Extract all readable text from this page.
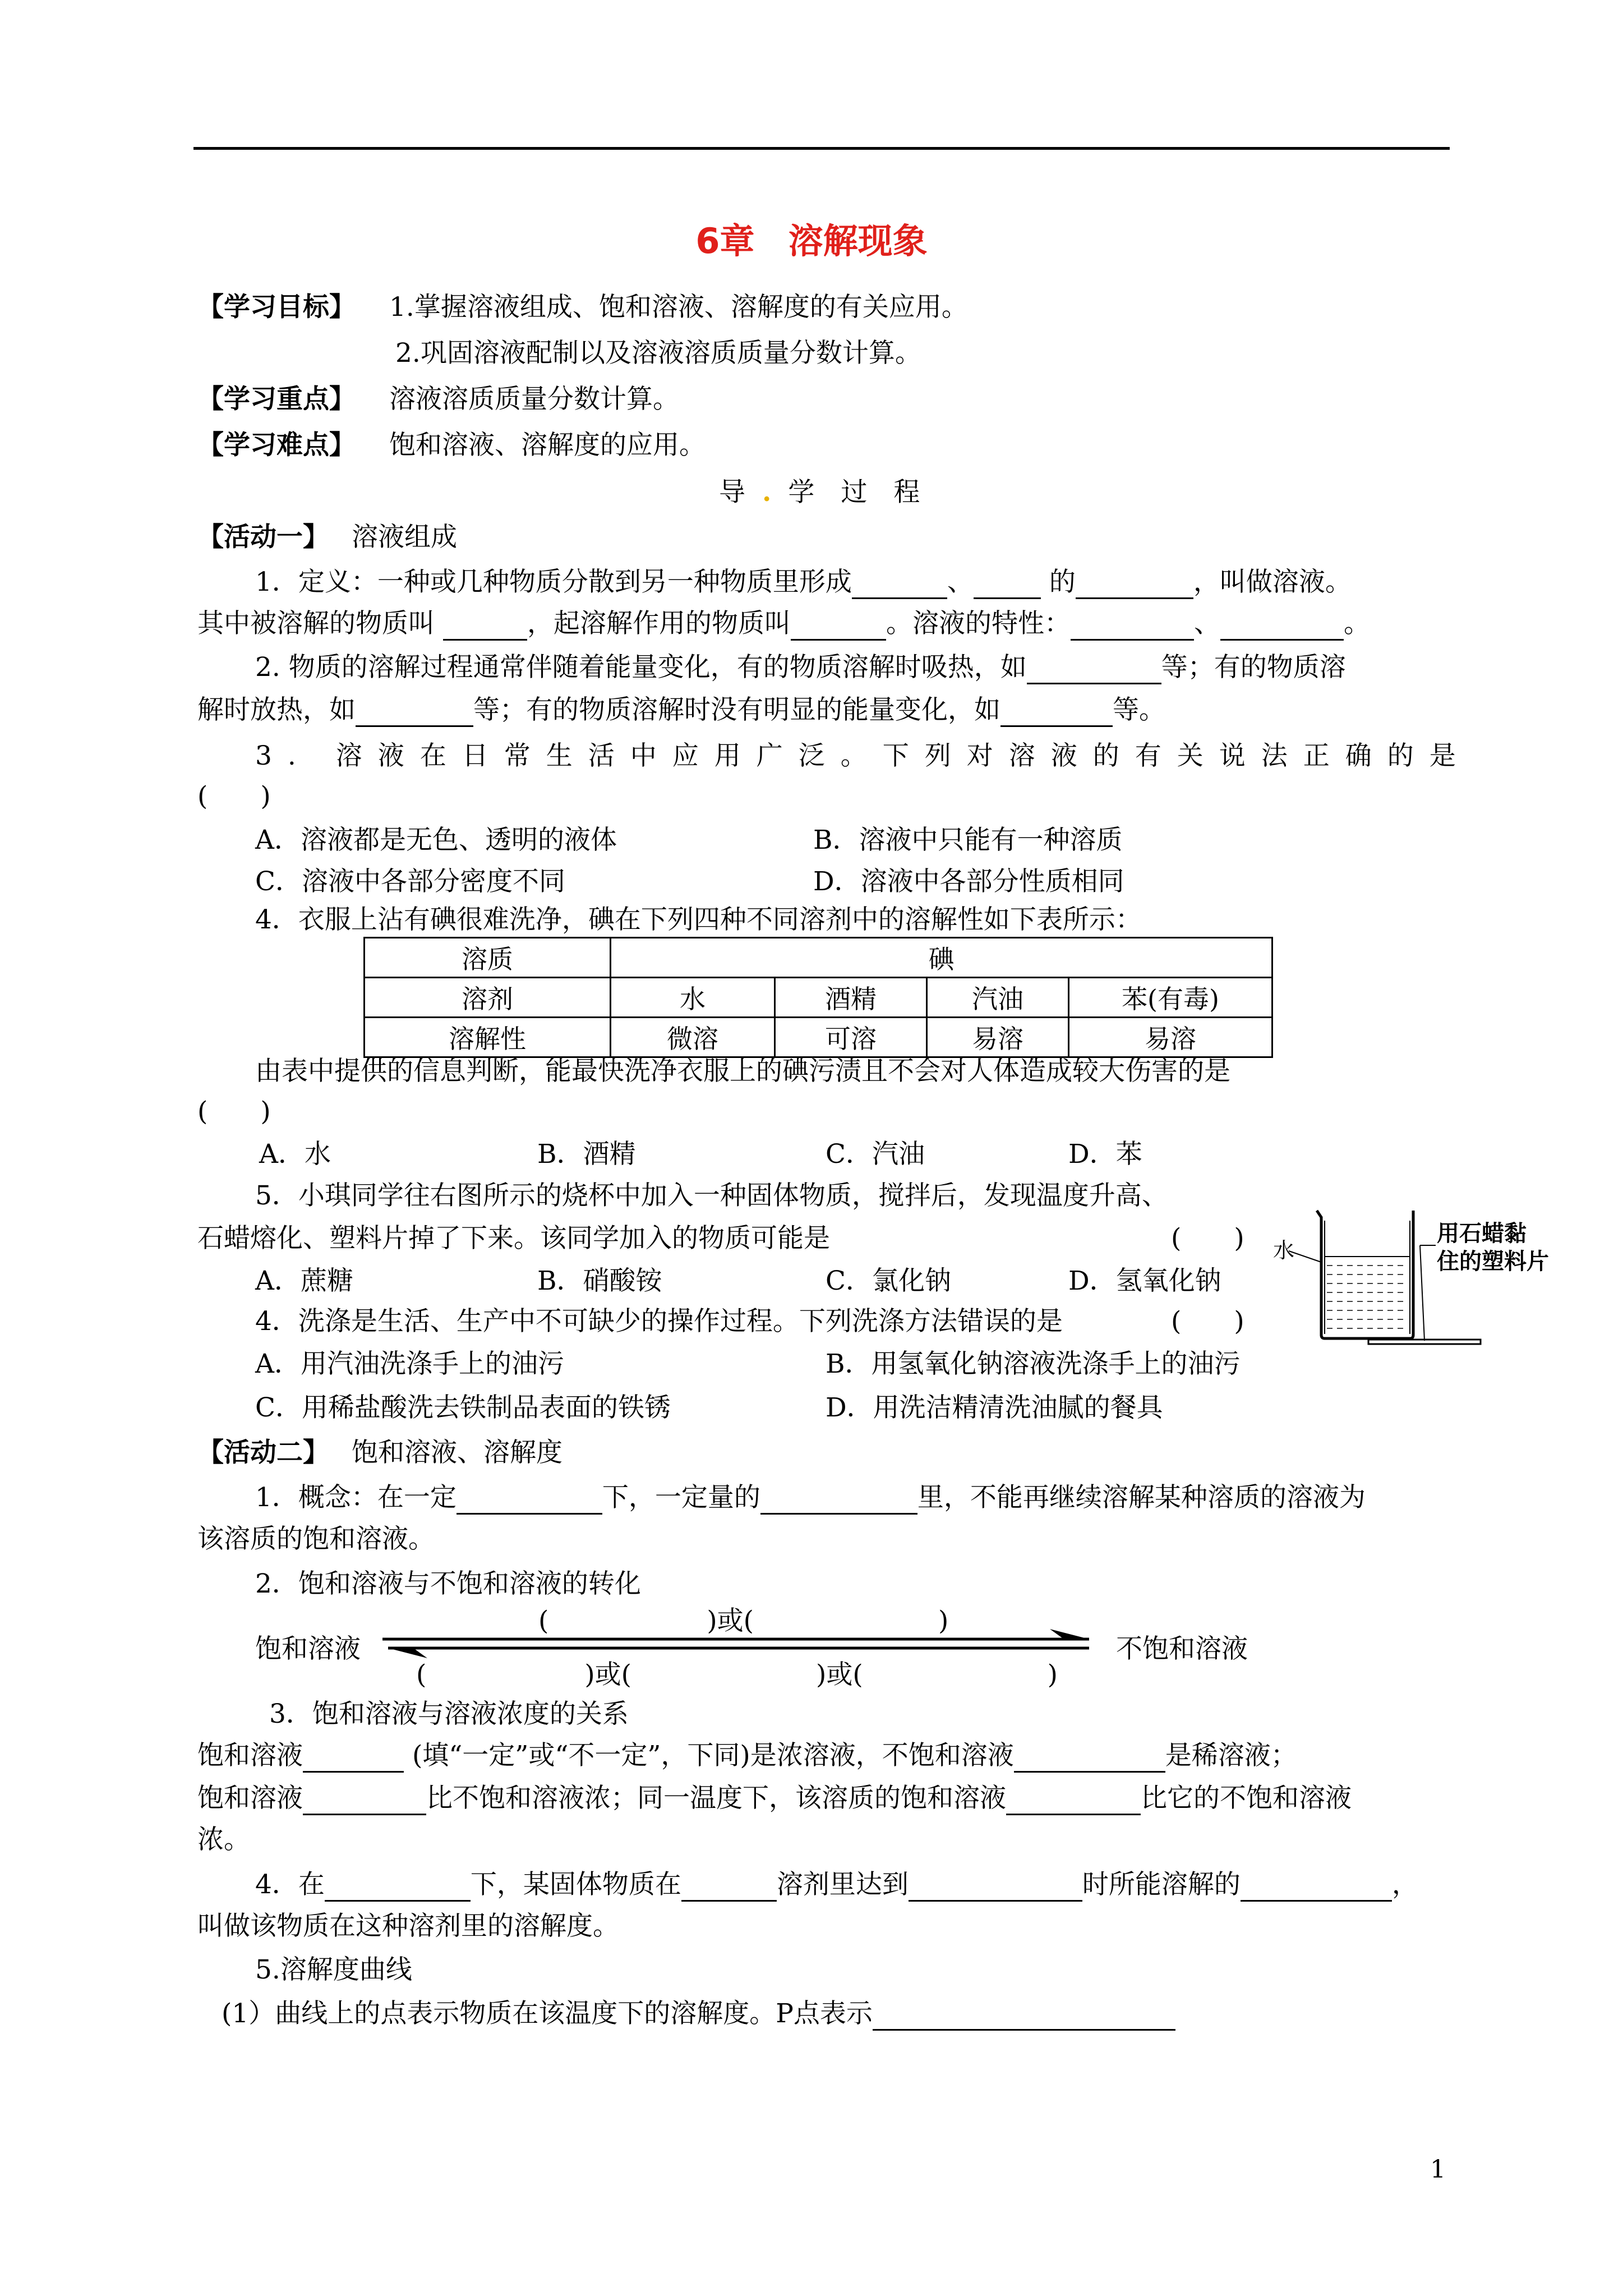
6章 溶解现象
【学习目标】 1.掌握溶液组成、饱和溶液、溶解度的有关应用。
2.巩固溶液配制以及溶液溶质质量分数计算。
【学习重点】 溶液溶质质量分数计算。
【学习难点】 饱和溶液、溶解度的应用。
导 . 学　过　程
【活动一】 溶液组成
1．定义：一种或几种物质分散到另一种物质里形成	、	的	，叫做溶液。
其中被溶解的物质叫	，起溶解作用的物质叫	。溶液的特性：	、	。
2. 物质的溶解过程通常伴随着能量变化，有的物质溶解时吸热，如	等；有的物质溶
解时放热，如	等；有的物质溶解时没有明显的能量变化，如	等。
3. 溶液在日常生活中应用广泛。下列对溶液的有关说法正确的是
(　　)
A．溶液都是无色、透明的液体	B．溶液中只能有一种溶质
C．溶液中各部分密度不同	D．溶液中各部分性质相同
4．衣服上沾有碘很难洗净，碘在下列四种不同溶剂中的溶解性如下表所示：
溶质	碘			
溶剂	水	酒精	汽油	苯(有毒)
溶解性	微溶	可溶	易溶	易溶
由表中提供的信息判断，能最快洗净衣服上的碘污渍且不会对人体造成较大伤害的是
(　　)
A．水	B．酒精	C．汽油	D．苯
5．小琪同学往右图所示的烧杯中加入一种固体物质，搅拌后，发现温度升高、
石蜡熔化、塑料片掉了下来。该同学加入的物质可能是	(　　)
A．蔗糖	B．硝酸铵	C．氯化钠	D．氢氧化钠
水
用石蜡黏
住的塑料片
4．洗涤是生活、生产中不可缺少的操作过程。下列洗涤方法错误的是	(　　)
A．用汽油洗涤手上的油污	B．用氢氧化钠溶液洗涤手上的油污
C．用稀盐酸洗去铁制品表面的铁锈	D．用洗洁精清洗油腻的餐具
【活动二】 饱和溶液、溶解度
1．概念：在一定	下，一定量的	里，不能再继续溶解某种溶质的溶液为
该溶质的饱和溶液。
2．饱和溶液与不饱和溶液的转化
饱和溶液	不饱和溶液
(　　　　　　)或(　　　　　　　)
(　　　　　　)或(　　　　　　　)或(　　　　　　　)
3．饱和溶液与溶液浓度的关系
饱和溶液	(填“一定”或“不一定”，下同)是浓溶液，不饱和溶液	是稀溶液；
饱和溶液	比不饱和溶液浓；同一温度下，该溶质的饱和溶液	比它的不饱和溶液
浓。
4．在	下，某固体物质在	溶剂里达到	时所能溶解的	，
叫做该物质在这种溶剂里的溶解度。
5.溶解度曲线
(1）曲线上的点表示物质在该温度下的溶解度。P点表示
1
